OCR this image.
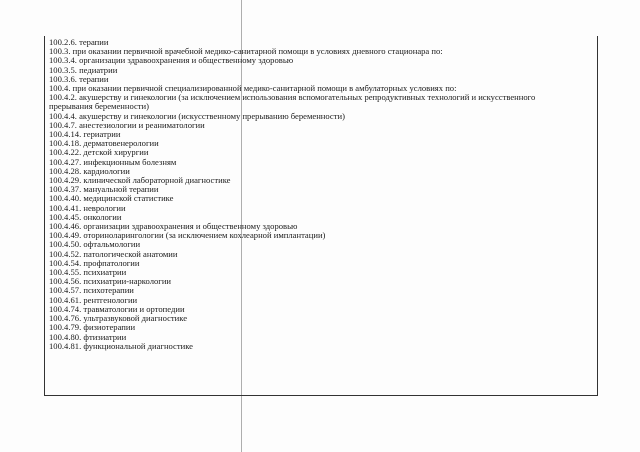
100.2.6. терапии
100.3. при оказании первичной врачебной медико-санитарной помощи в условиях дневного стационара по:
100.3.4. организации здравоохранения и общественному здоровью
100.3.5. педиатрии
100.3.6. терапии
100.4. при оказании первичной специализированной медико-санитарной помощи в амбулаторных условиях по:
100.4.2. акушерству и гинекологии (за исключением использования вспомогательных репродуктивных технологий и искусственного
прерывания беременности)
100.4.4. акушерству и гинекологии (искусственному прерыванию беременности)
100.4.7. анестезиологии и реаниматологии
100.4.14. гериатрии
100.4.18. дерматовенерологии
100.4.22. детской хирургии
100.4.27. инфекционным болезням
100.4.28. кардиологии
100.4.29. клинической лабораторной диагностике
100.4.37. мануальной терапии
100.4.40. медицинской статистике
100.4.41. неврологии
100.4.45. онкологии
100.4.46. организации здравоохранения и общественному здоровью
100.4.49. оториноларингологии (за исключением кохлеарной имплантации)
100.4.50. офтальмологии
100.4.52. патологической анатомии
100.4.54. профпатологии
100.4.55. психиатрии
100.4.56. психиатрии-наркологии
100.4.57. психотерапии
100.4.61. рентгенологии
100.4.74. травматологии и ортопедии
100.4.76. ультразвуковой диагностике
100.4.79. физиотерапии
100.4.80. фтизиатрии
100.4.81. функциональной диагностике
